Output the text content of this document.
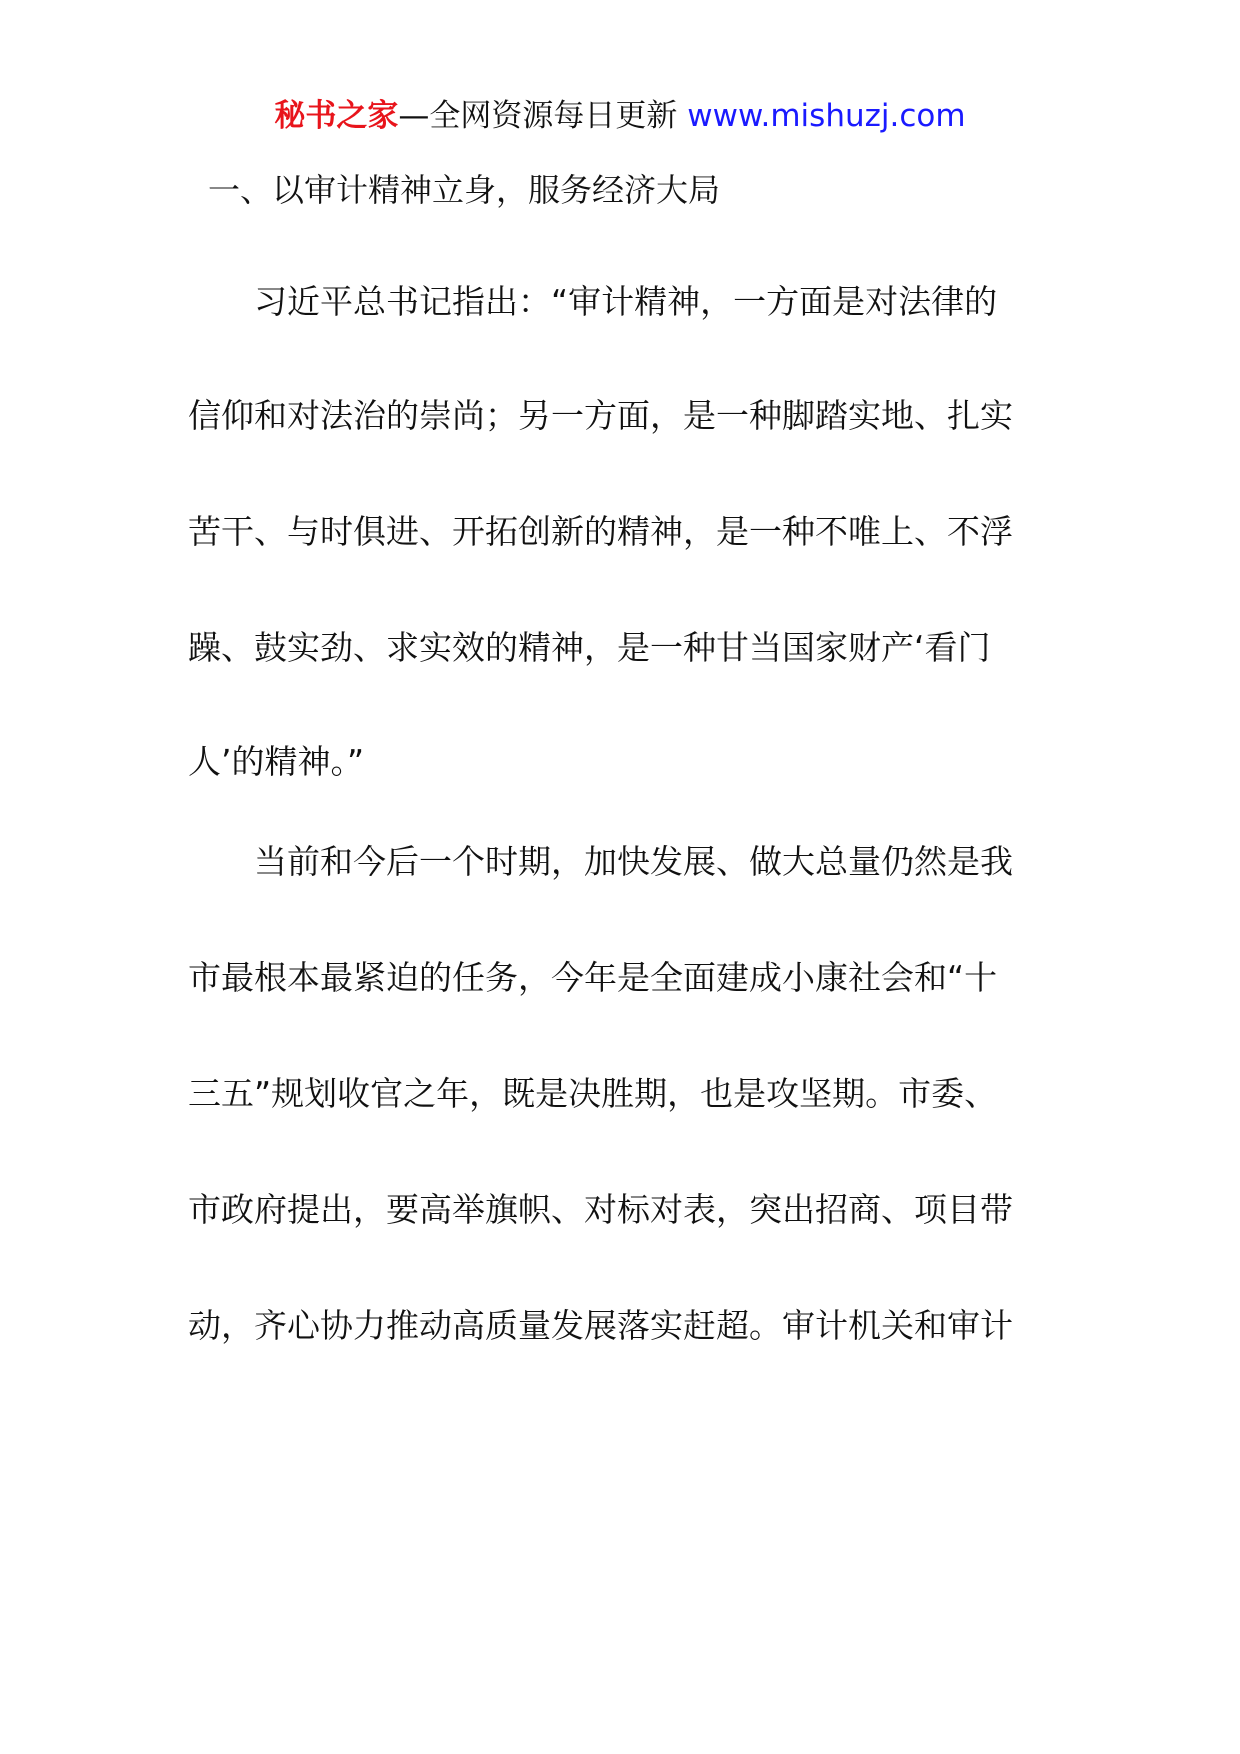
秘书之家—全网资源每日更新 www.mishuzj.com
一、以审计精神立身，服务经济大局

习近平总书记指出：“审计精神，一方面是对法律的

信仰和对法治的崇尚；另一方面，是一种脚踏实地、扎实

苦干、与时俱进、开拓创新的精神，是一种不唯上、不浮

躁、鼓实劲、求实效的精神，是一种甘当国家财产‘看门

人’的精神。”

当前和今后一个时期，加快发展、做大总量仍然是我

市最根本最紧迫的任务，今年是全面建成小康社会和“十

三五”规划收官之年，既是决胜期，也是攻坚期。市委、

市政府提出，要高举旗帜、对标对表，突出招商、项目带

动，齐心协力推动高质量发展落实赶超。审计机关和审计
